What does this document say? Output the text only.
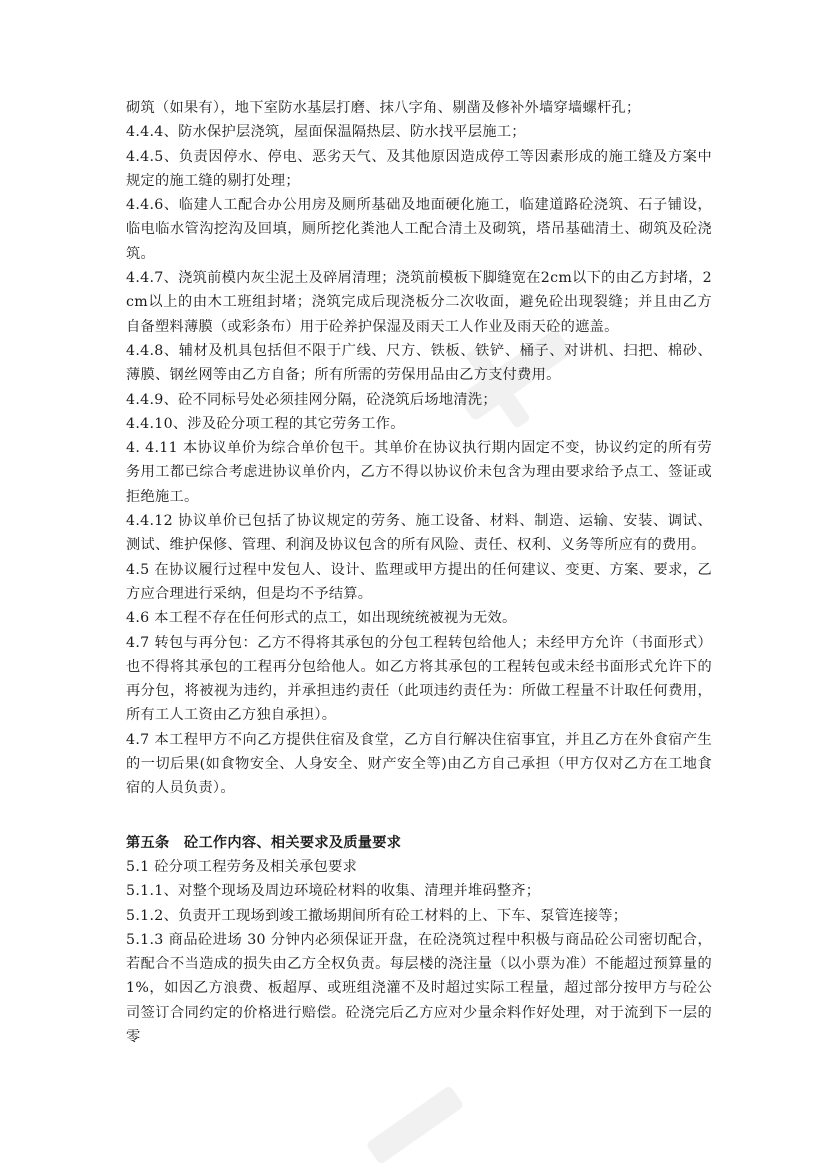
砌筑（如果有），地下室防水基层打磨、抹八字角、剔凿及修补外墙穿墙螺杆孔；

4.4.4、防水保护层浇筑，屋面保温隔热层、防水找平层施工；

4.4.5、负责因停水、停电、恶劣天气、及其他原因造成停工等因素形成的施工缝及方案中规定的施工缝的剔打处理；

4.4.6、临建人工配合办公用房及厕所基础及地面硬化施工，临建道路砼浇筑、石子铺设，临电临水管沟挖沟及回填，厕所挖化粪池人工配合清土及砌筑，塔吊基础清土、砌筑及砼浇筑。

4.4.7、浇筑前模内灰尘泥土及碎屑清理；浇筑前模板下脚缝宽在2cm以下的由乙方封堵，2cm以上的由木工班组封堵；浇筑完成后现浇板分二次收面，避免砼出现裂缝；并且由乙方自备塑料薄膜（或彩条布）用于砼养护保湿及雨天工人作业及雨天砼的遮盖。

4.4.8、辅材及机具包括但不限于广线、尺方、铁板、铁铲、桶子、对讲机、扫把、棉砂、薄膜、钢丝网等由乙方自备；所有所需的劳保用品由乙方支付费用。

4.4.9、砼不同标号处必须挂网分隔，砼浇筑后场地清洗；

4.4.10、涉及砼分项工程的其它劳务工作。

4. 4.11 本协议单价为综合单价包干。其单价在协议执行期内固定不变，协议约定的所有劳务用工都已综合考虑进协议单价内，乙方不得以协议价未包含为理由要求给予点工、签证或拒绝施工。

4.4.12 协议单价已包括了协议规定的劳务、施工设备、材料、制造、运输、安装、调试、测试、维护保修、管理、利润及协议包含的所有风险、责任、权利、义务等所应有的费用。

4.5 在协议履行过程中发包人、设计、监理或甲方提出的任何建议、变更、方案、要求，乙方应合理进行采纳，但是均不予结算。

4.6 本工程不存在任何形式的点工，如出现统统被视为无效。

4.7 转包与再分包：乙方不得将其承包的分包工程转包给他人；未经甲方允许（书面形式）也不得将其承包的工程再分包给他人。如乙方将其承包的工程转包或未经书面形式允许下的再分包，将被视为违约，并承担违约责任（此项违约责任为：所做工程量不计取任何费用，所有工人工资由乙方独自承担）。

4.7 本工程甲方不向乙方提供住宿及食堂，乙方自行解决住宿事宜，并且乙方在外食宿产生的一切后果(如食物安全、人身安全、财产安全等)由乙方自己承担（甲方仅对乙方在工地食宿的人员负责）。

第五条　砼工作内容、相关要求及质量要求

5.1 砼分项工程劳务及相关承包要求

5.1.1、对整个现场及周边环境砼材料的收集、清理并堆码整齐；

5.1.2、负责开工现场到竣工撤场期间所有砼工材料的上、下车、泵管连接等；

5.1.3 商品砼进场 30 分钟内必须保证开盘，在砼浇筑过程中积极与商品砼公司密切配合，若配合不当造成的损失由乙方全权负责。每层楼的浇注量（以小票为准）不能超过预算量的1%，如因乙方浪费、板超厚、或班组浇灌不及时超过实际工程量，超过部分按甲方与砼公司签订合同约定的价格进行赔偿。砼浇完后乙方应对少量余料作好处理，对于流到下一层的零
